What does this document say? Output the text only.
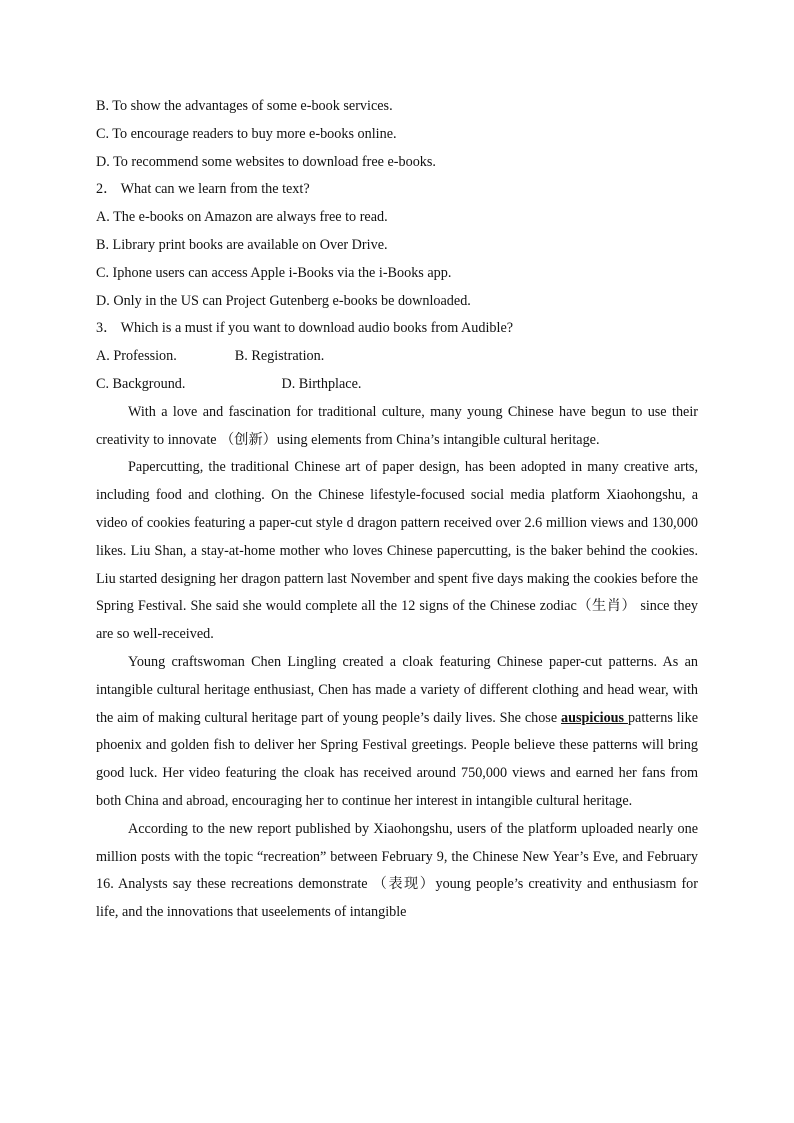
B. To show the advantages of some e-book services.
C. To encourage readers to buy more e-books online.
D. To recommend some websites to download free e-books.
2． What can we learn from the text?
A. The e-books on Amazon are always free to read.
B. Library print books are available on Over Drive.
C. Iphone users can access Apple i-Books via the i-Books app.
D. Only in the US can Project Gutenberg e-books be downloaded.
3． Which is a must if you want to download audio books from Audible?
A. Profession.	B. Registration.
C. Background.	D. Birthplace.
With a love and fascination for traditional culture, many young Chinese have begun to use their creativity to innovate （创新）using elements from China’s intangible cultural heritage.
Papercutting, the traditional Chinese art of paper design, has been adopted in many creative arts, including food and clothing. On the Chinese lifestyle-focused social media platform Xiaohongshu, a video of cookies featuring a paper-cut style d dragon pattern received over 2.6 million views and 130,000 likes. Liu Shan, a stay-at-home mother who loves Chinese papercutting, is the baker behind the cookies. Liu started designing her dragon pattern last November and spent five days making the cookies before the Spring Festival. She said she would complete all the 12 signs of the Chinese zodiac（生肖） since they are so well-received.
Young craftswoman Chen Lingling created a cloak featuring Chinese paper-cut patterns. As an intangible cultural heritage enthusiast, Chen has made a variety of different clothing and head wear, with the aim of making cultural heritage part of young people’s daily lives. She chose auspicious patterns like phoenix and golden fish to deliver her Spring Festival greetings. People believe these patterns will bring good luck. Her video featuring the cloak has received around 750,000 views and earned her fans from both China and abroad, encouraging her to continue her interest in intangible cultural heritage.
According to the new report published by Xiaohongshu, users of the platform uploaded nearly one million posts with the topic “recreation” between February 9, the Chinese New Year’s Eve, and February 16. Analysts say these recreations demonstrate （表现）young people’s creativity and enthusiasm for life, and the innovations that useelements of intangible
